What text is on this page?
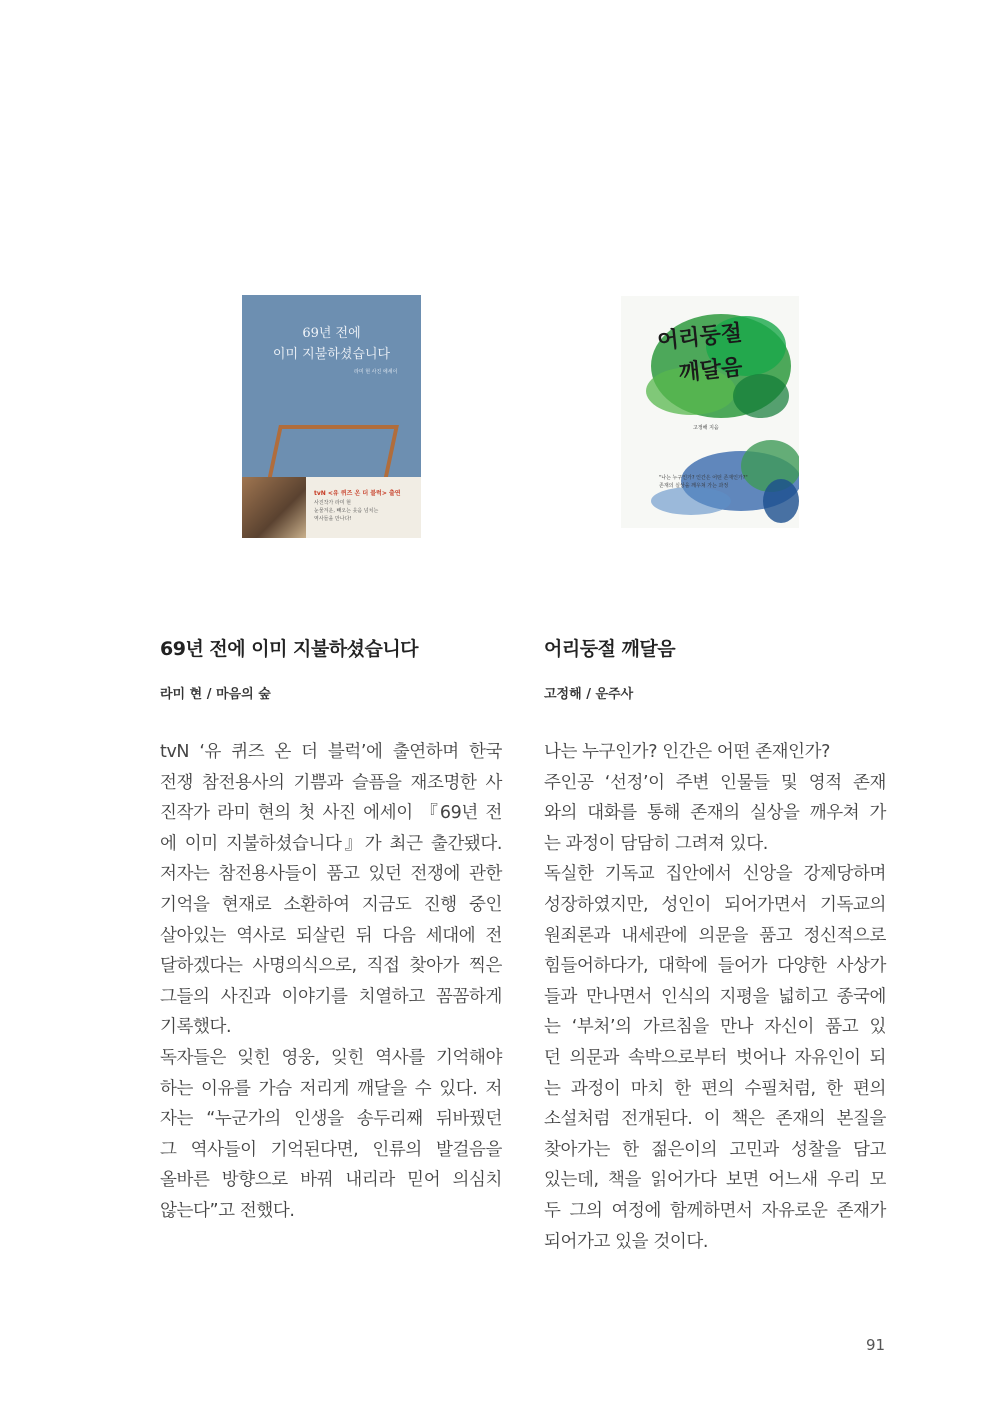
69년 전에
이미 지불하셨습니다
라미 현 사진 에세이
tvN <유 퀴즈 온 더 블럭> 출연
사진작가 라미 현
눈물겨운, 빼오는 웃음 넘치는
역사들을 만나다!
어리둥절
깨달음
고정해 지음
"나는 누구인가? 인간은 어떤 존재인가?"
존재의 실상을 깨우쳐 가는 과정
69년 전에 이미 지불하셨습니다
라미 현 / 마음의 숲
tvN ‘유 퀴즈 온 더 블럭’에 출연하며 한국
전쟁 참전용사의 기쁨과 슬픔을 재조명한 사
진작가 라미 현의 첫 사진 에세이 『69년 전
에 이미 지불하셨습니다』가 최근 출간됐다.
저자는 참전용사들이 품고 있던 전쟁에 관한
기억을 현재로 소환하여 지금도 진행 중인
살아있는 역사로 되살린 뒤 다음 세대에 전
달하겠다는 사명의식으로, 직접 찾아가 찍은
그들의 사진과 이야기를 치열하고 꼼꼼하게
기록했다.
독자들은 잊힌 영웅, 잊힌 역사를 기억해야
하는 이유를 가슴 저리게 깨달을 수 있다. 저
자는 “누군가의 인생을 송두리째 뒤바꿨던
그 역사들이 기억된다면, 인류의 발걸음을
올바른 방향으로 바꿔 내리라 믿어 의심치
않는다”고 전했다.
어리둥절 깨달음
고정해 / 운주사
나는 누구인가? 인간은 어떤 존재인가?
주인공 ‘선정’이 주변 인물들 및 영적 존재
와의 대화를 통해 존재의 실상을 깨우쳐 가
는 과정이 담담히 그려져 있다.
독실한 기독교 집안에서 신앙을 강제당하며
성장하였지만, 성인이 되어가면서 기독교의
원죄론과 내세관에 의문을 품고 정신적으로
힘들어하다가, 대학에 들어가 다양한 사상가
들과 만나면서 인식의 지평을 넓히고 종국에
는 ‘부처’의 가르침을 만나 자신이 품고 있
던 의문과 속박으로부터 벗어나 자유인이 되
는 과정이 마치 한 편의 수필처럼, 한 편의
소설처럼 전개된다. 이 책은 존재의 본질을
찾아가는 한 젊은이의 고민과 성찰을 담고
있는데, 책을 읽어가다 보면 어느새 우리 모
두 그의 여정에 함께하면서 자유로운 존재가
되어가고 있을 것이다.
91
